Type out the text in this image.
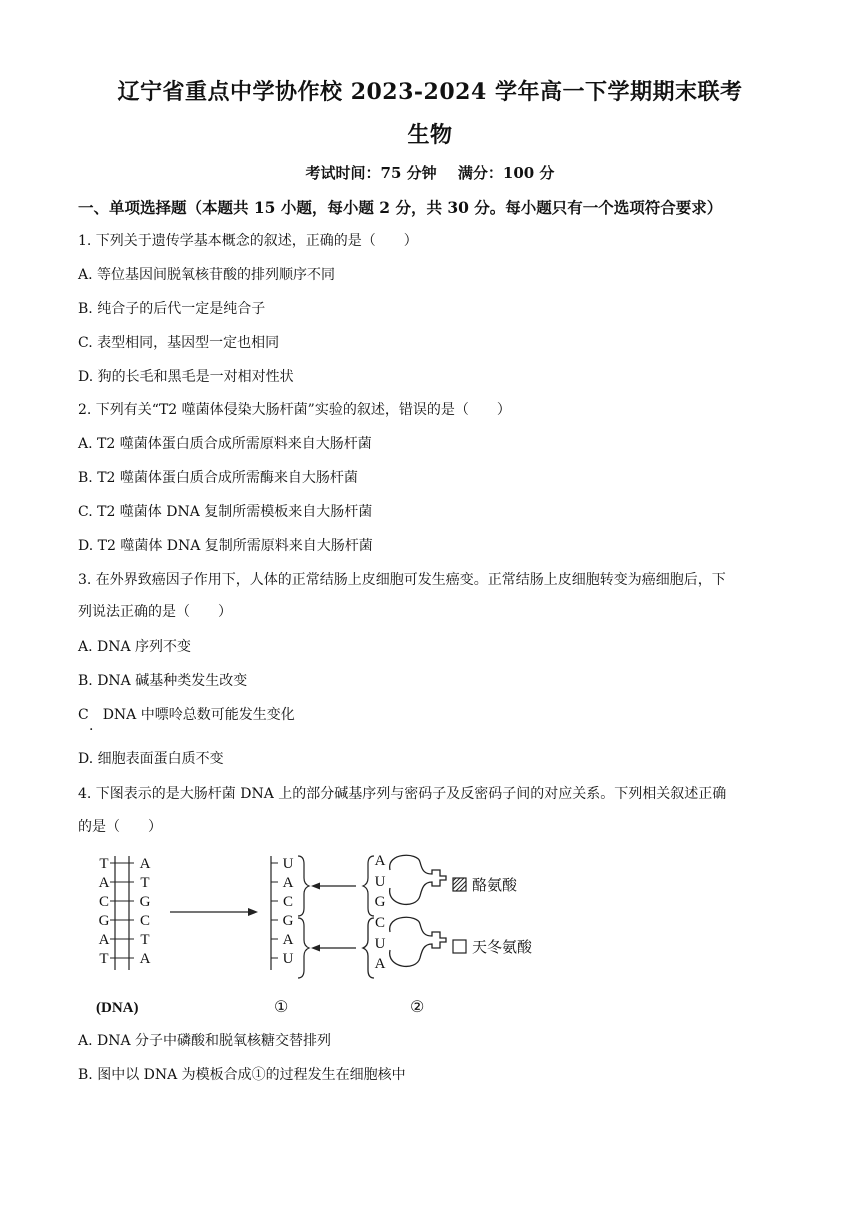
辽宁省重点中学协作校 2023-2024 学年高一下学期期末联考
生物
考试时间：75 分钟 满分：100 分
一、单项选择题（本题共 15 小题，每小题 2 分，共 30 分。每小题只有一个选项符合要求）
1. 下列关于遗传学基本概念的叙述，正确的是（　　）
A. 等位基因间脱氧核苷酸的排列顺序不同
B. 纯合子的后代一定是纯合子
C. 表型相同，基因型一定也相同
D. 狗的长毛和黑毛是一对相对性状
2. 下列有关“T2 噬菌体侵染大肠杆菌”实验的叙述，错误的是（　　）
A. T2 噬菌体蛋白质合成所需原料来自大肠杆菌
B. T2 噬菌体蛋白质合成所需酶来自大肠杆菌
C. T2 噬菌体 DNA 复制所需模板来自大肠杆菌
D. T2 噬菌体 DNA 复制所需原料来自大肠杆菌
3. 在外界致癌因子作用下，人体的正常结肠上皮细胞可发生癌变。正常结肠上皮细胞转变为癌细胞后，下
列说法正确的是（　　）
A. DNA 序列不变
B. DNA 碱基种类发生改变
C　DNA 中嘌呤总数可能发生变化
·
D. 细胞表面蛋白质不变
4. 下图表示的是大肠杆菌 DNA 上的部分碱基序列与密码子及反密码子间的对应关系。下列相关叙述正确
的是（　　）
T
A
C
G
A
T
A
T
G
C
T
A
U
A
C
G
A
U
A
U
G
酪氨酸
C
U
A
天冬氨酸
(DNA)	①	②
A. DNA 分子中磷酸和脱氧核糖交替排列
B. 图中以 DNA 为模板合成①的过程发生在细胞核中
